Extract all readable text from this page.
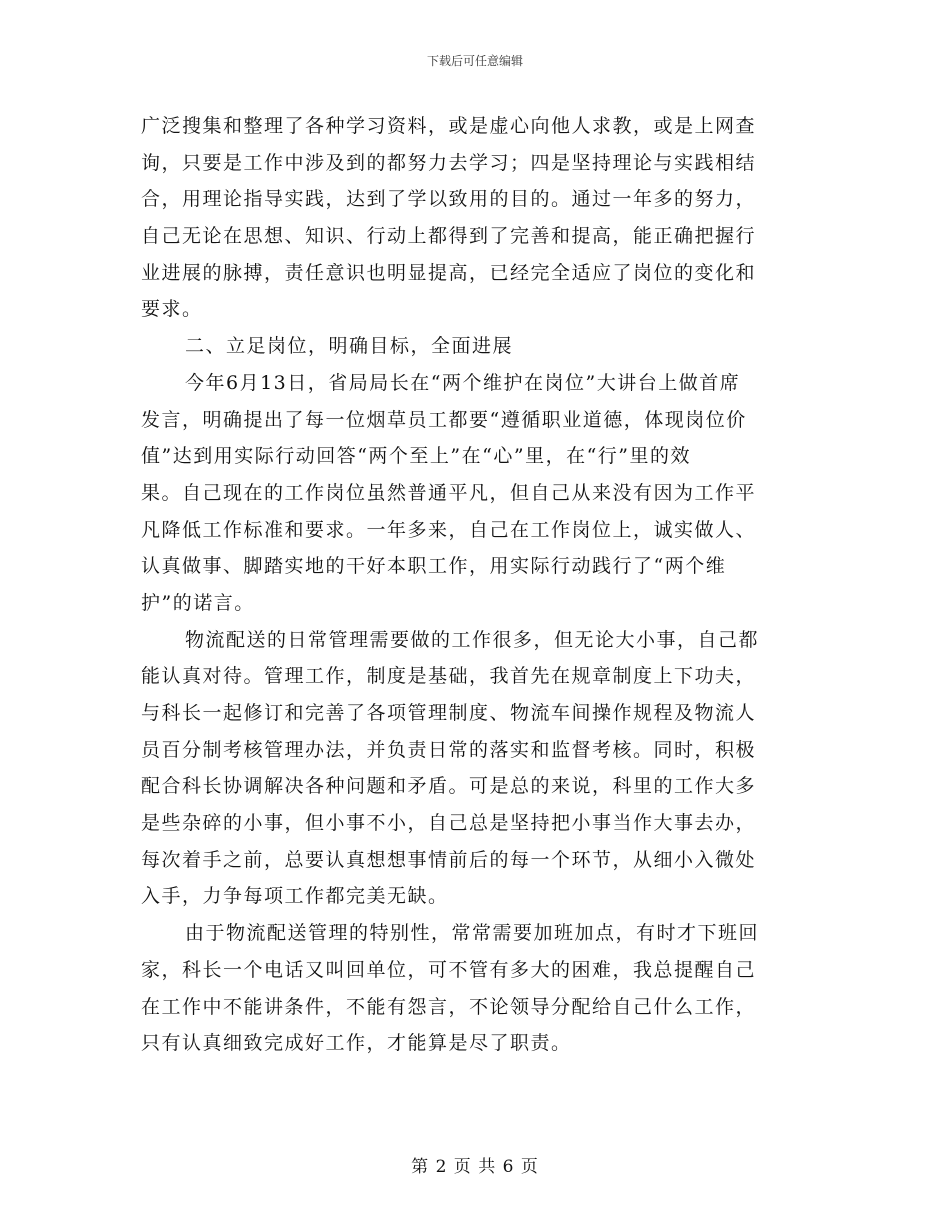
下载后可任意编辑
广泛搜集和整理了各种学习资料，或是虚心向他人求教，或是上网查
询，只要是工作中涉及到的都努力去学习；四是坚持理论与实践相结
合，用理论指导实践，达到了学以致用的目的。通过一年多的努力，
自己无论在思想、知识、行动上都得到了完善和提高，能正确把握行
业进展的脉搏，责任意识也明显提高，已经完全适应了岗位的变化和
要求。
二、立足岗位，明确目标，全面进展
今年6月13日，省局局长在“两个维护在岗位”大讲台上做首席
发言，明确提出了每一位烟草员工都要“遵循职业道德，体现岗位价
值”达到用实际行动回答“两个至上”在“心”里，在“行”里的效
果。自己现在的工作岗位虽然普通平凡，但自己从来没有因为工作平
凡降低工作标准和要求。一年多来，自己在工作岗位上，诚实做人、
认真做事、脚踏实地的干好本职工作，用实际行动践行了“两个维
护”的诺言。
物流配送的日常管理需要做的工作很多，但无论大小事，自己都
能认真对待。管理工作，制度是基础，我首先在规章制度上下功夫，
与科长一起修订和完善了各项管理制度、物流车间操作规程及物流人
员百分制考核管理办法，并负责日常的落实和监督考核。同时，积极
配合科长协调解决各种问题和矛盾。可是总的来说，科里的工作大多
是些杂碎的小事，但小事不小，自己总是坚持把小事当作大事去办，
每次着手之前，总要认真想想事情前后的每一个环节，从细小入微处
入手，力争每项工作都完美无缺。
由于物流配送管理的特别性，常常需要加班加点，有时才下班回
家，科长一个电话又叫回单位，可不管有多大的困难，我总提醒自己
在工作中不能讲条件，不能有怨言，不论领导分配给自己什么工作，
只有认真细致完成好工作，才能算是尽了职责。
第 2 页 共 6 页
